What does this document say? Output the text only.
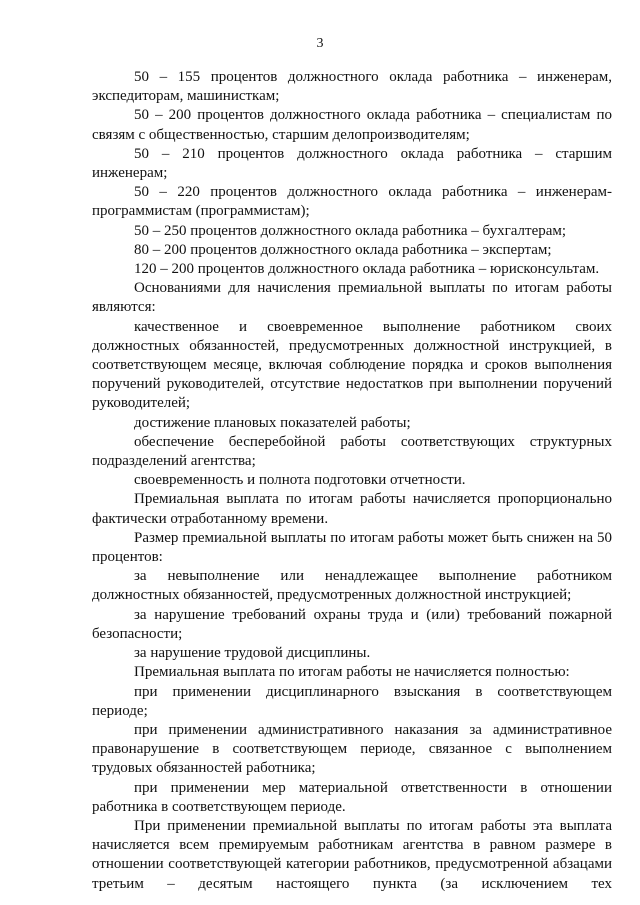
3

50 – 155 процентов должностного оклада работника – инженерам, экспедиторам, машинисткам;

50 – 200 процентов должностного оклада работника – специалистам по связям с общественностью, старшим делопроизводителям;

50 – 210 процентов должностного оклада работника – старшим инженерам;

50 – 220 процентов должностного оклада работника – инженерам-программистам (программистам);

50 – 250 процентов должностного оклада работника – бухгалтерам;

80 – 200 процентов должностного оклада работника – экспертам;

120 – 200 процентов должностного оклада работника – юрисконсультам.

Основаниями для начисления премиальной выплаты по итогам работы являются:

качественное и своевременное выполнение работником своих должностных обязанностей, предусмотренных должностной инструкцией, в соответствующем месяце, включая соблюдение порядка и сроков выполнения поручений руководителей, отсутствие недостатков при выполнении поручений руководителей;

достижение плановых показателей работы;

обеспечение бесперебойной работы соответствующих структурных подразделений агентства;

своевременность и полнота подготовки отчетности.

Премиальная выплата по итогам работы начисляется пропорционально фактически отработанному времени.

Размер премиальной выплаты по итогам работы может быть снижен на 50 процентов:

за невыполнение или ненадлежащее выполнение работником должностных обязанностей, предусмотренных должностной инструкцией;

за нарушение требований охраны труда и (или) требований пожарной безопасности;

за нарушение трудовой дисциплины.

Премиальная выплата по итогам работы не начисляется полностью:

при применении дисциплинарного взыскания в соответствующем периоде;

при применении административного наказания за административное правонарушение в соответствующем периоде, связанное с выполнением трудовых обязанностей работника;

при применении мер материальной ответственности в отношении работника в соответствующем периоде.

При применении премиальной выплаты по итогам работы эта выплата начисляется всем премируемым работникам агентства в равном размере в отношении соответствующей категории работников, предусмотренной абзацами третьим – десятым настоящего пункта (за исключением тех
